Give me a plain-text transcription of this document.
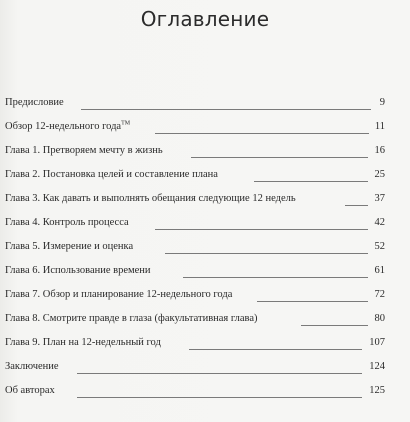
Оглавление
Предисловие	9
Обзор 12-недельного года™	11
Глава 1. Претворяем мечту в жизнь	16
Глава 2. Постановка целей и составление плана	25
Глава 3. Как давать и выполнять обещания следующие 12 недель	37
Глава 4. Контроль процесса	42
Глава 5. Измерение и оценка	52
Глава 6. Использование времени	61
Глава 7. Обзор и планирование 12-недельного года	72
Глава 8. Смотрите правде в глаза (факультативная глава)	80
Глава 9. План на 12-недельный год	107
Заключение	124
Об авторах	125
